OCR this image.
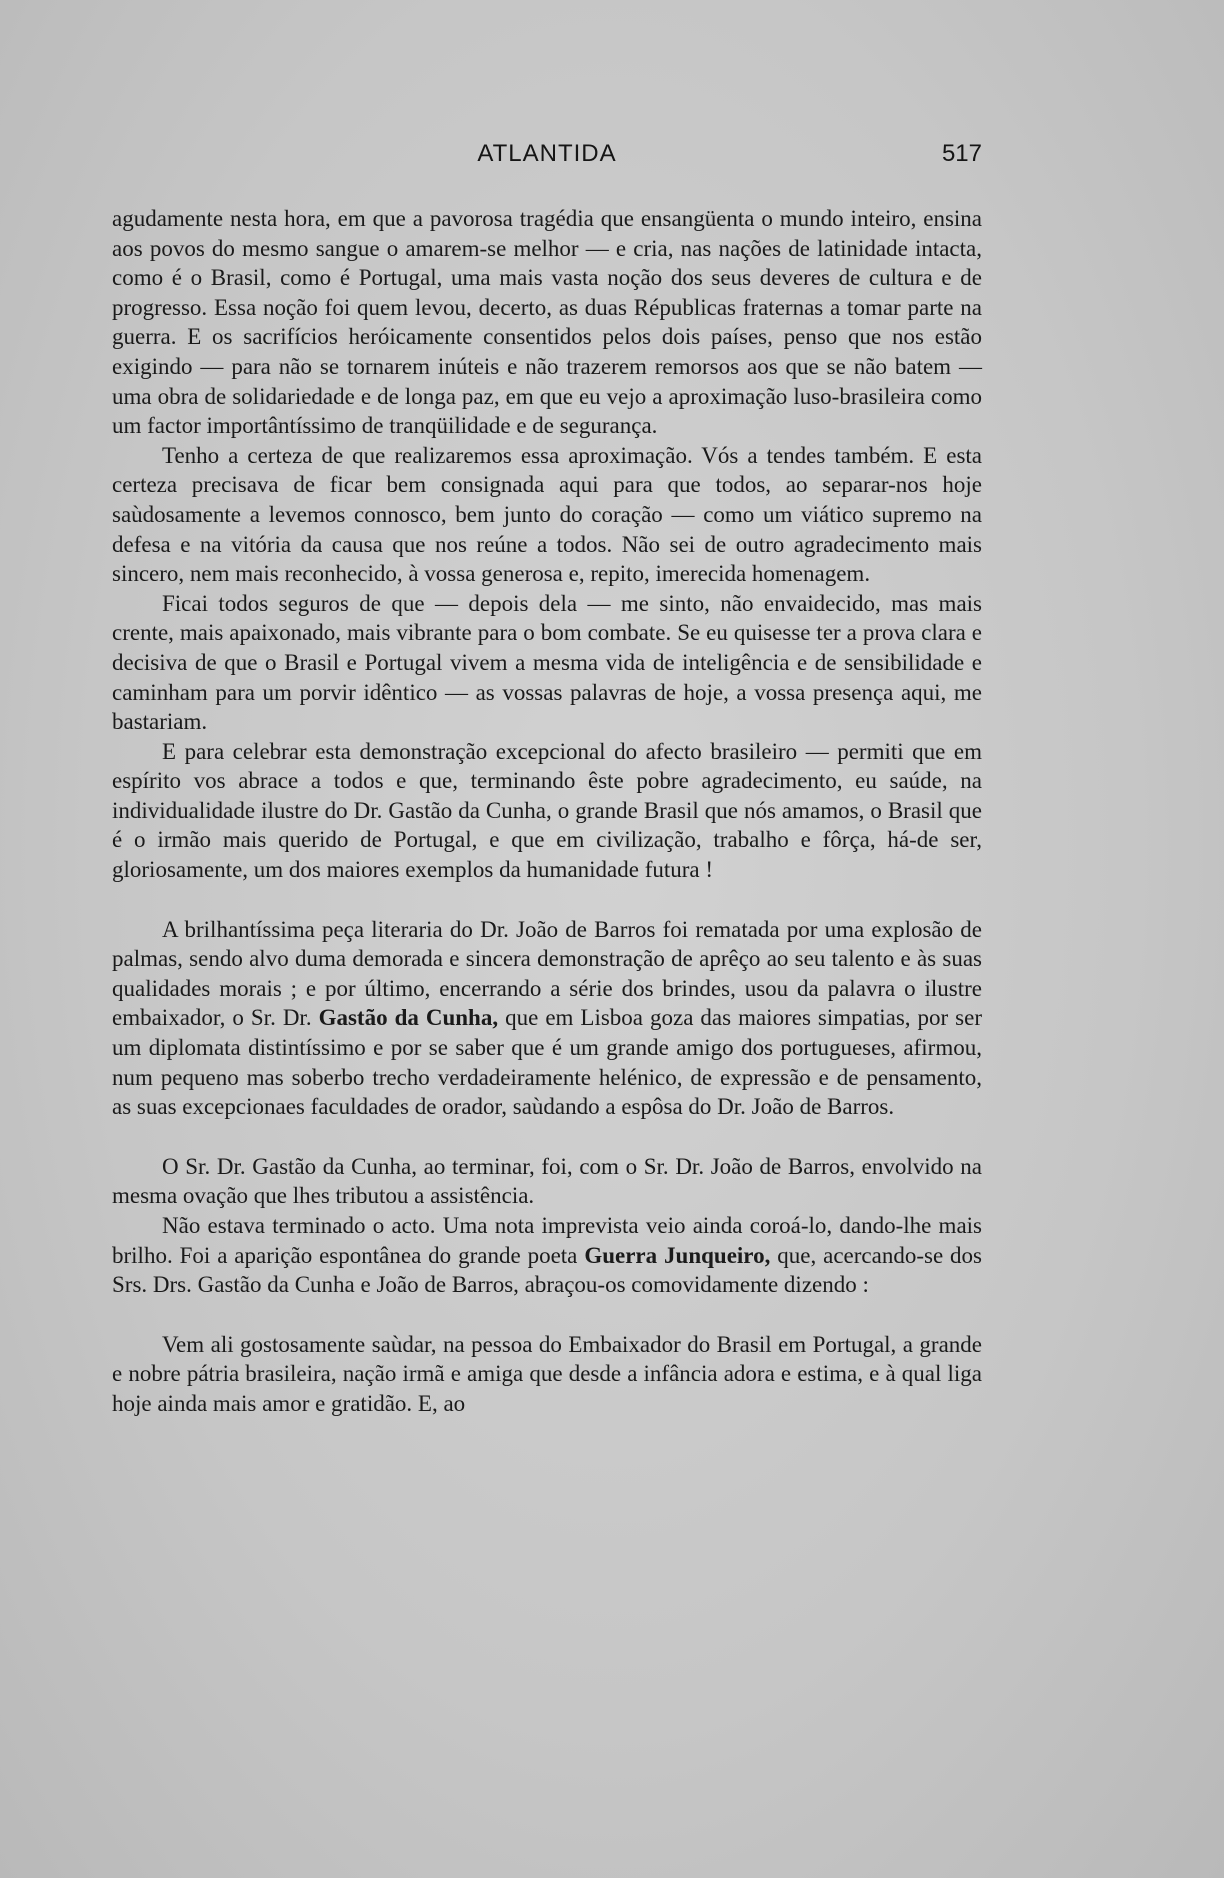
ATLANTIDA	517

agudamente nesta hora, em que a pavorosa tragédia que ensangüenta o mundo inteiro, ensina aos povos do mesmo sangue o amarem-se melhor — e cria, nas nações de latinidade intacta, como é o Brasil, como é Portugal, uma mais vasta noção dos seus deveres de cultura e de progresso. Essa noção foi quem levou, decerto, as duas Républicas fraternas a tomar parte na guerra. E os sacrifícios heróicamente consentidos pelos dois países, penso que nos estão exigindo — para não se tornarem inúteis e não trazerem remorsos aos que se não batem — uma obra de solidariedade e de longa paz, em que eu vejo a aproximação luso-brasileira como um factor importântíssimo de tranqüilidade e de segurança.

Tenho a certeza de que realizaremos essa aproximação. Vós a tendes também. E esta certeza precisava de ficar bem consignada aqui para que todos, ao separar-nos hoje saùdosamente a levemos connosco, bem junto do coração — como um viático supremo na defesa e na vitória da causa que nos reúne a todos. Não sei de outro agradecimento mais sincero, nem mais reconhecido, à vossa generosa e, repito, imerecida homenagem.

Ficai todos seguros de que — depois dela — me sinto, não envaidecido, mas mais crente, mais apaixonado, mais vibrante para o bom combate. Se eu quisesse ter a prova clara e decisiva de que o Brasil e Portugal vivem a mesma vida de inteligência e de sensibilidade e caminham para um porvir idêntico — as vossas palavras de hoje, a vossa presença aqui, me bastariam.

E para celebrar esta demonstração excepcional do afecto brasileiro — permiti que em espírito vos abrace a todos e que, terminando êste pobre agradecimento, eu saúde, na individualidade ilustre do Dr. Gastão da Cunha, o grande Brasil que nós amamos, o Brasil que é o irmão mais querido de Portugal, e que em civilização, trabalho e fôrça, há-de ser, gloriosamente, um dos maiores exemplos da humanidade futura !

A brilhantíssima peça literaria do Dr. João de Barros foi rematada por uma explosão de palmas, sendo alvo duma demorada e sincera demonstração de aprêço ao seu talento e às suas qualidades morais ; e por último, encerrando a série dos brindes, usou da palavra o ilustre embaixador, o Sr. Dr. Gastão da Cunha, que em Lisboa goza das maiores simpatias, por ser um diplomata distintíssimo e por se saber que é um grande amigo dos portugueses, afirmou, num pequeno mas soberbo trecho verdadeiramente helénico, de expressão e de pensamento, as suas excepcionaes faculdades de orador, saùdando a espôsa do Dr. João de Barros.

O Sr. Dr. Gastão da Cunha, ao terminar, foi, com o Sr. Dr. João de Barros, envolvido na mesma ovação que lhes tributou a assistência.

Não estava terminado o acto. Uma nota imprevista veio ainda coroá-lo, dando-lhe mais brilho. Foi a aparição espontânea do grande poeta Guerra Junqueiro, que, acercando-se dos Srs. Drs. Gastão da Cunha e João de Barros, abraçou-os comovidamente dizendo :

Vem ali gostosamente saùdar, na pessoa do Embaixador do Brasil em Portugal, a grande e nobre pátria brasileira, nação irmã e amiga que desde a infância adora e estima, e à qual liga hoje ainda mais amor e gratidão. E, ao
